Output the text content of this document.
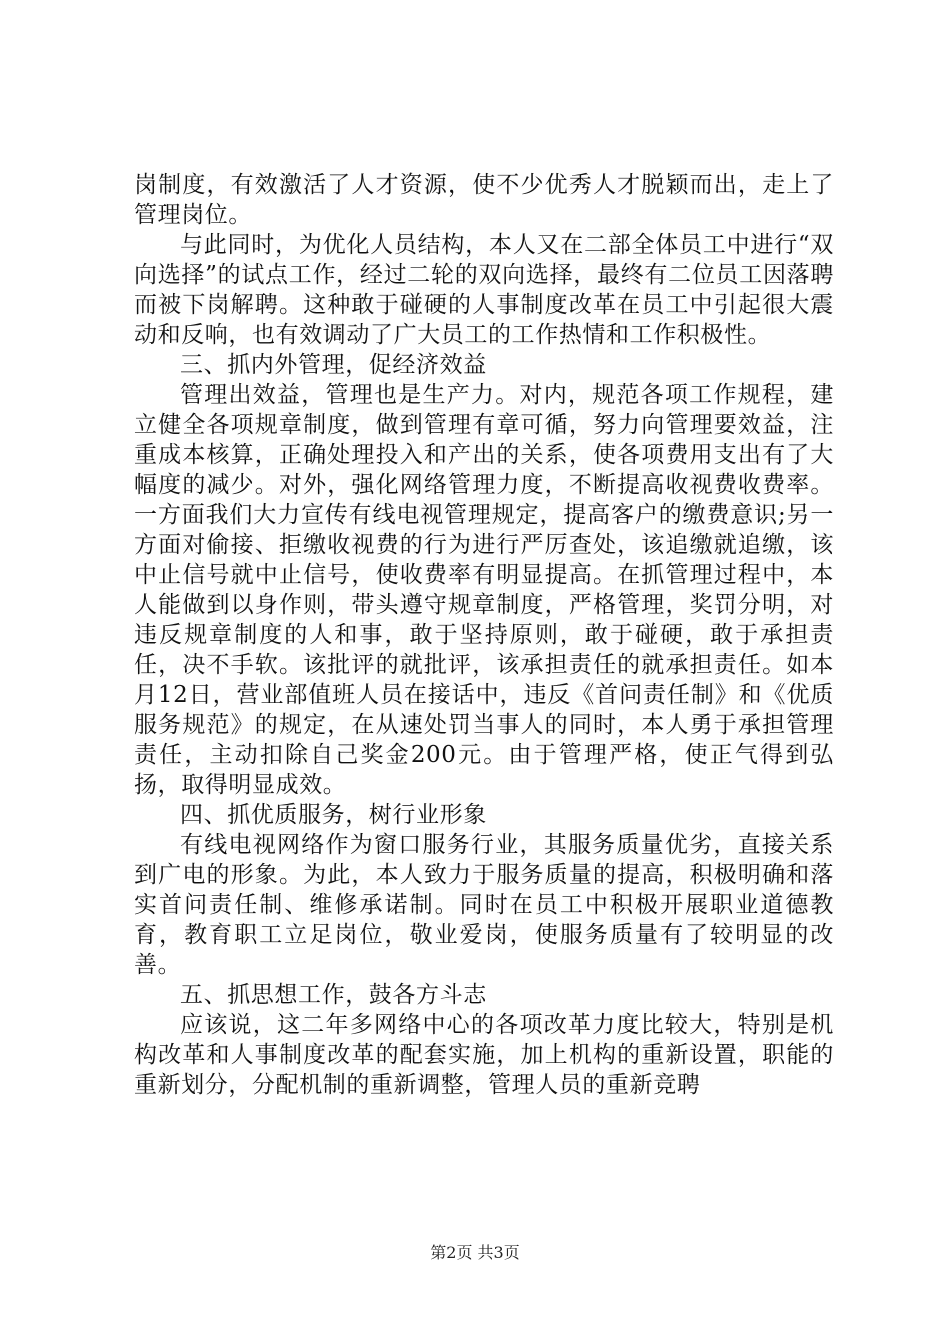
岗制度，有效激活了人才资源，使不少优秀人才脱颖而出，走上了管理岗位。

与此同时，为优化人员结构，本人又在二部全体员工中进行“双向选择”的试点工作，经过二轮的双向选择，最终有二位员工因落聘而被下岗解聘。这种敢于碰硬的人事制度改革在员工中引起很大震动和反响，也有效调动了广大员工的工作热情和工作积极性。

三、抓内外管理，促经济效益

管理出效益，管理也是生产力。对内，规范各项工作规程，建立健全各项规章制度，做到管理有章可循，努力向管理要效益，注重成本核算，正确处理投入和产出的关系，使各项费用支出有了大幅度的减少。对外，强化网络管理力度，不断提高收视费收费率。一方面我们大力宣传有线电视管理规定，提高客户的缴费意识;另一方面对偷接、拒缴收视费的行为进行严厉查处，该追缴就追缴，该中止信号就中止信号，使收费率有明显提高。在抓管理过程中，本人能做到以身作则，带头遵守规章制度，严格管理，奖罚分明，对违反规章制度的人和事，敢于坚持原则，敢于碰硬，敢于承担责任，决不手软。该批评的就批评，该承担责任的就承担责任。如本月12日，营业部值班人员在接话中，违反《首问责任制》和《优质服务规范》的规定，在从速处罚当事人的同时，本人勇于承担管理责任，主动扣除自己奖金200元。由于管理严格，使正气得到弘扬，取得明显成效。

四、抓优质服务，树行业形象

有线电视网络作为窗口服务行业，其服务质量优劣，直接关系到广电的形象。为此，本人致力于服务质量的提高，积极明确和落实首问责任制、维修承诺制。同时在员工中积极开展职业道德教育，教育职工立足岗位，敬业爱岗，使服务质量有了较明显的改善。

五、抓思想工作，鼓各方斗志

应该说，这二年多网络中心的各项改革力度比较大，特别是机构改革和人事制度改革的配套实施，加上机构的重新设置，职能的重新划分，分配机制的重新调整，管理人员的重新竞聘

第2页 共3页
